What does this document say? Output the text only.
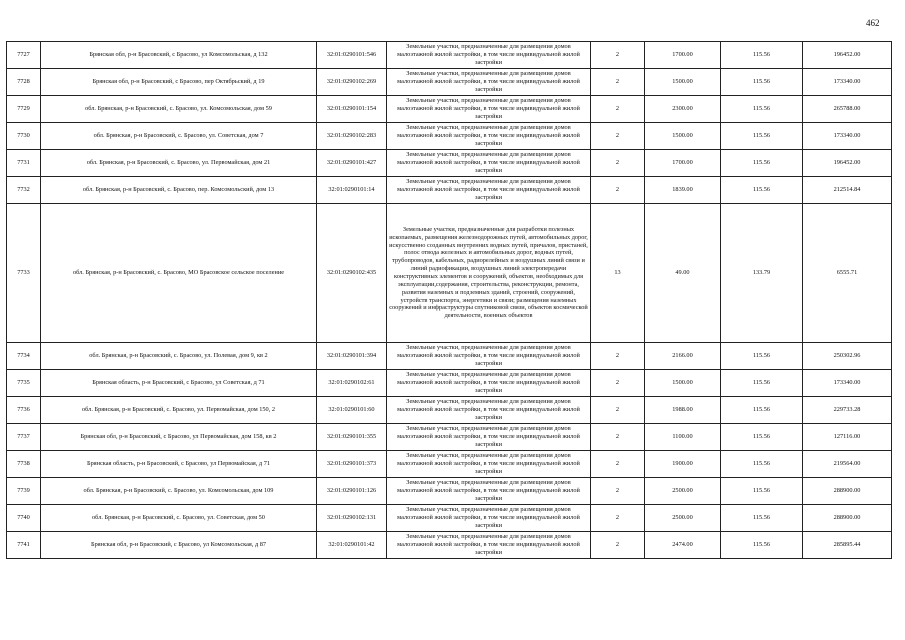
462
7727	Брянская обл, р-н Брасовский, с Брасово, ул Комсомольская, д 132	32:01:0290101:546	Земельные участки, предназначенные для размещения домов малоэтажной жилой застройки, в том числе индивидуальной жилой застройки	2	1700.00	115.56	196452.00
7728	Брянская обл, р-н Брасовский, с Брасово, пер Октябрьский, д 19	32:01:0290102:269	Земельные участки, предназначенные для размещения домов малоэтажной жилой застройки, в том числе индивидуальной жилой застройки	2	1500.00	115.56	173340.00
7729	обл. Брянская, р-н Брасовский, с. Брасово, ул. Комсомольская, дом 59	32:01:0290101:154	Земельные участки, предназначенные для размещения домов малоэтажной жилой застройки, в том числе индивидуальной жилой застройки	2	2300.00	115.56	265788.00
7730	обл. Брянская, р-н Брасовский, с. Брасово, ул. Советская, дом 7	32:01:0290102:283	Земельные участки, предназначенные для размещения домов малоэтажной жилой застройки, в том числе индивидуальной жилой застройки	2	1500.00	115.56	173340.00
7731	обл. Брянская, р-н Брасовский, с. Брасово, ул. Первомайская, дом 21	32:01:0290101:427	Земельные участки, предназначенные для размещения домов малоэтажной жилой застройки, в том числе индивидуальной жилой застройки	2	1700.00	115.56	196452.00
7732	обл. Брянская, р-н Брасовский, с. Брасово, пер. Комсомольский, дом 13	32:01:0290101:14	Земельные участки, предназначенные для размещения домов малоэтажной жилой застройки, в том числе индивидуальной жилой застройки	2	1839.00	115.56	212514.84
7733	обл. Брянская, р-н Брасовский, с. Брасово, МО Брасовское сельское поселение	32:01:0290102:435	Земельные участки, предназначенные для разработки полезных ископаемых, размещения железнодорожных путей, автомобильных дорог, искусственно созданных внутренних водных путей, причалов, пристаней, полос отвода железных и автомобильных дорог, водных путей, трубопроводов, кабельных, радиорелейных и воздушных линий связи и линий радиофикации, воздушных линий электропередачи конструктивных элементов и сооружений, объектов, необходимых для эксплуатации,содержания, строительства, реконструкции, ремонта, развития наземных и подземных зданий, строений, сооружений, устройств транспорта, энергетики и связи; размещения наземных сооружений и инфраструктуры спутниковой связи, объектов космической деятельности, военных объектов	13	49.00	133.79	6555.71
7734	обл. Брянская, р-н Брасовский, с. Брасово, ул. Полевая, дом 9, кв 2	32:01:0290101:394	Земельные участки, предназначенные для размещения домов малоэтажной жилой застройки, в том числе индивидуальной жилой застройки	2	2166.00	115.56	250302.96
7735	Брянская область, р-н Брасовский, с Брасово, ул Советская, д 71	32:01:0290102:61	Земельные участки, предназначенные для размещения домов малоэтажной жилой застройки, в том числе индивидуальной жилой застройки	2	1500.00	115.56	173340.00
7736	обл. Брянская, р-н Брасовский, с. Брасово, ул. Первомайская, дом 150, 2	32:01:0290101:60	Земельные участки, предназначенные для размещения домов малоэтажной жилой застройки, в том числе индивидуальной жилой застройки	2	1988.00	115.56	229733.28
7737	Брянская обл, р-н Брасовский, с Брасово, ул Первомайская, дом 158, кв 2	32:01:0290101:355	Земельные участки, предназначенные для размещения домов малоэтажной жилой застройки, в том числе индивидуальной жилой застройки	2	1100.00	115.56	127116.00
7738	Брянская область, р-н Брасовский, с Брасово, ул Первомайская, д 71	32:01:0290101:373	Земельные участки, предназначенные для размещения домов малоэтажной жилой застройки, в том числе индивидуальной жилой застройки	2	1900.00	115.56	219564.00
7739	обл. Брянская, р-н Брасовский, с. Брасово, ул. Комсомольская, дом 109	32:01:0290101:126	Земельные участки, предназначенные для размещения домов малоэтажной жилой застройки, в том числе индивидуальной жилой застройки	2	2500.00	115.56	288900.00
7740	обл. Брянская, р-н Брасовский, с. Брасово, ул. Советская, дом 50	32:01:0290102:131	Земельные участки, предназначенные для размещения домов малоэтажной жилой застройки, в том числе индивидуальной жилой застройки	2	2500.00	115.56	288900.00
7741	Брянская обл, р-н Брасовский, с Брасово, ул Комсомольская, д 87	32:01:0290101:42	Земельные участки, предназначенные для размещения домов малоэтажной жилой застройки, в том числе индивидуальной жилой застройки	2	2474.00	115.56	285895.44
